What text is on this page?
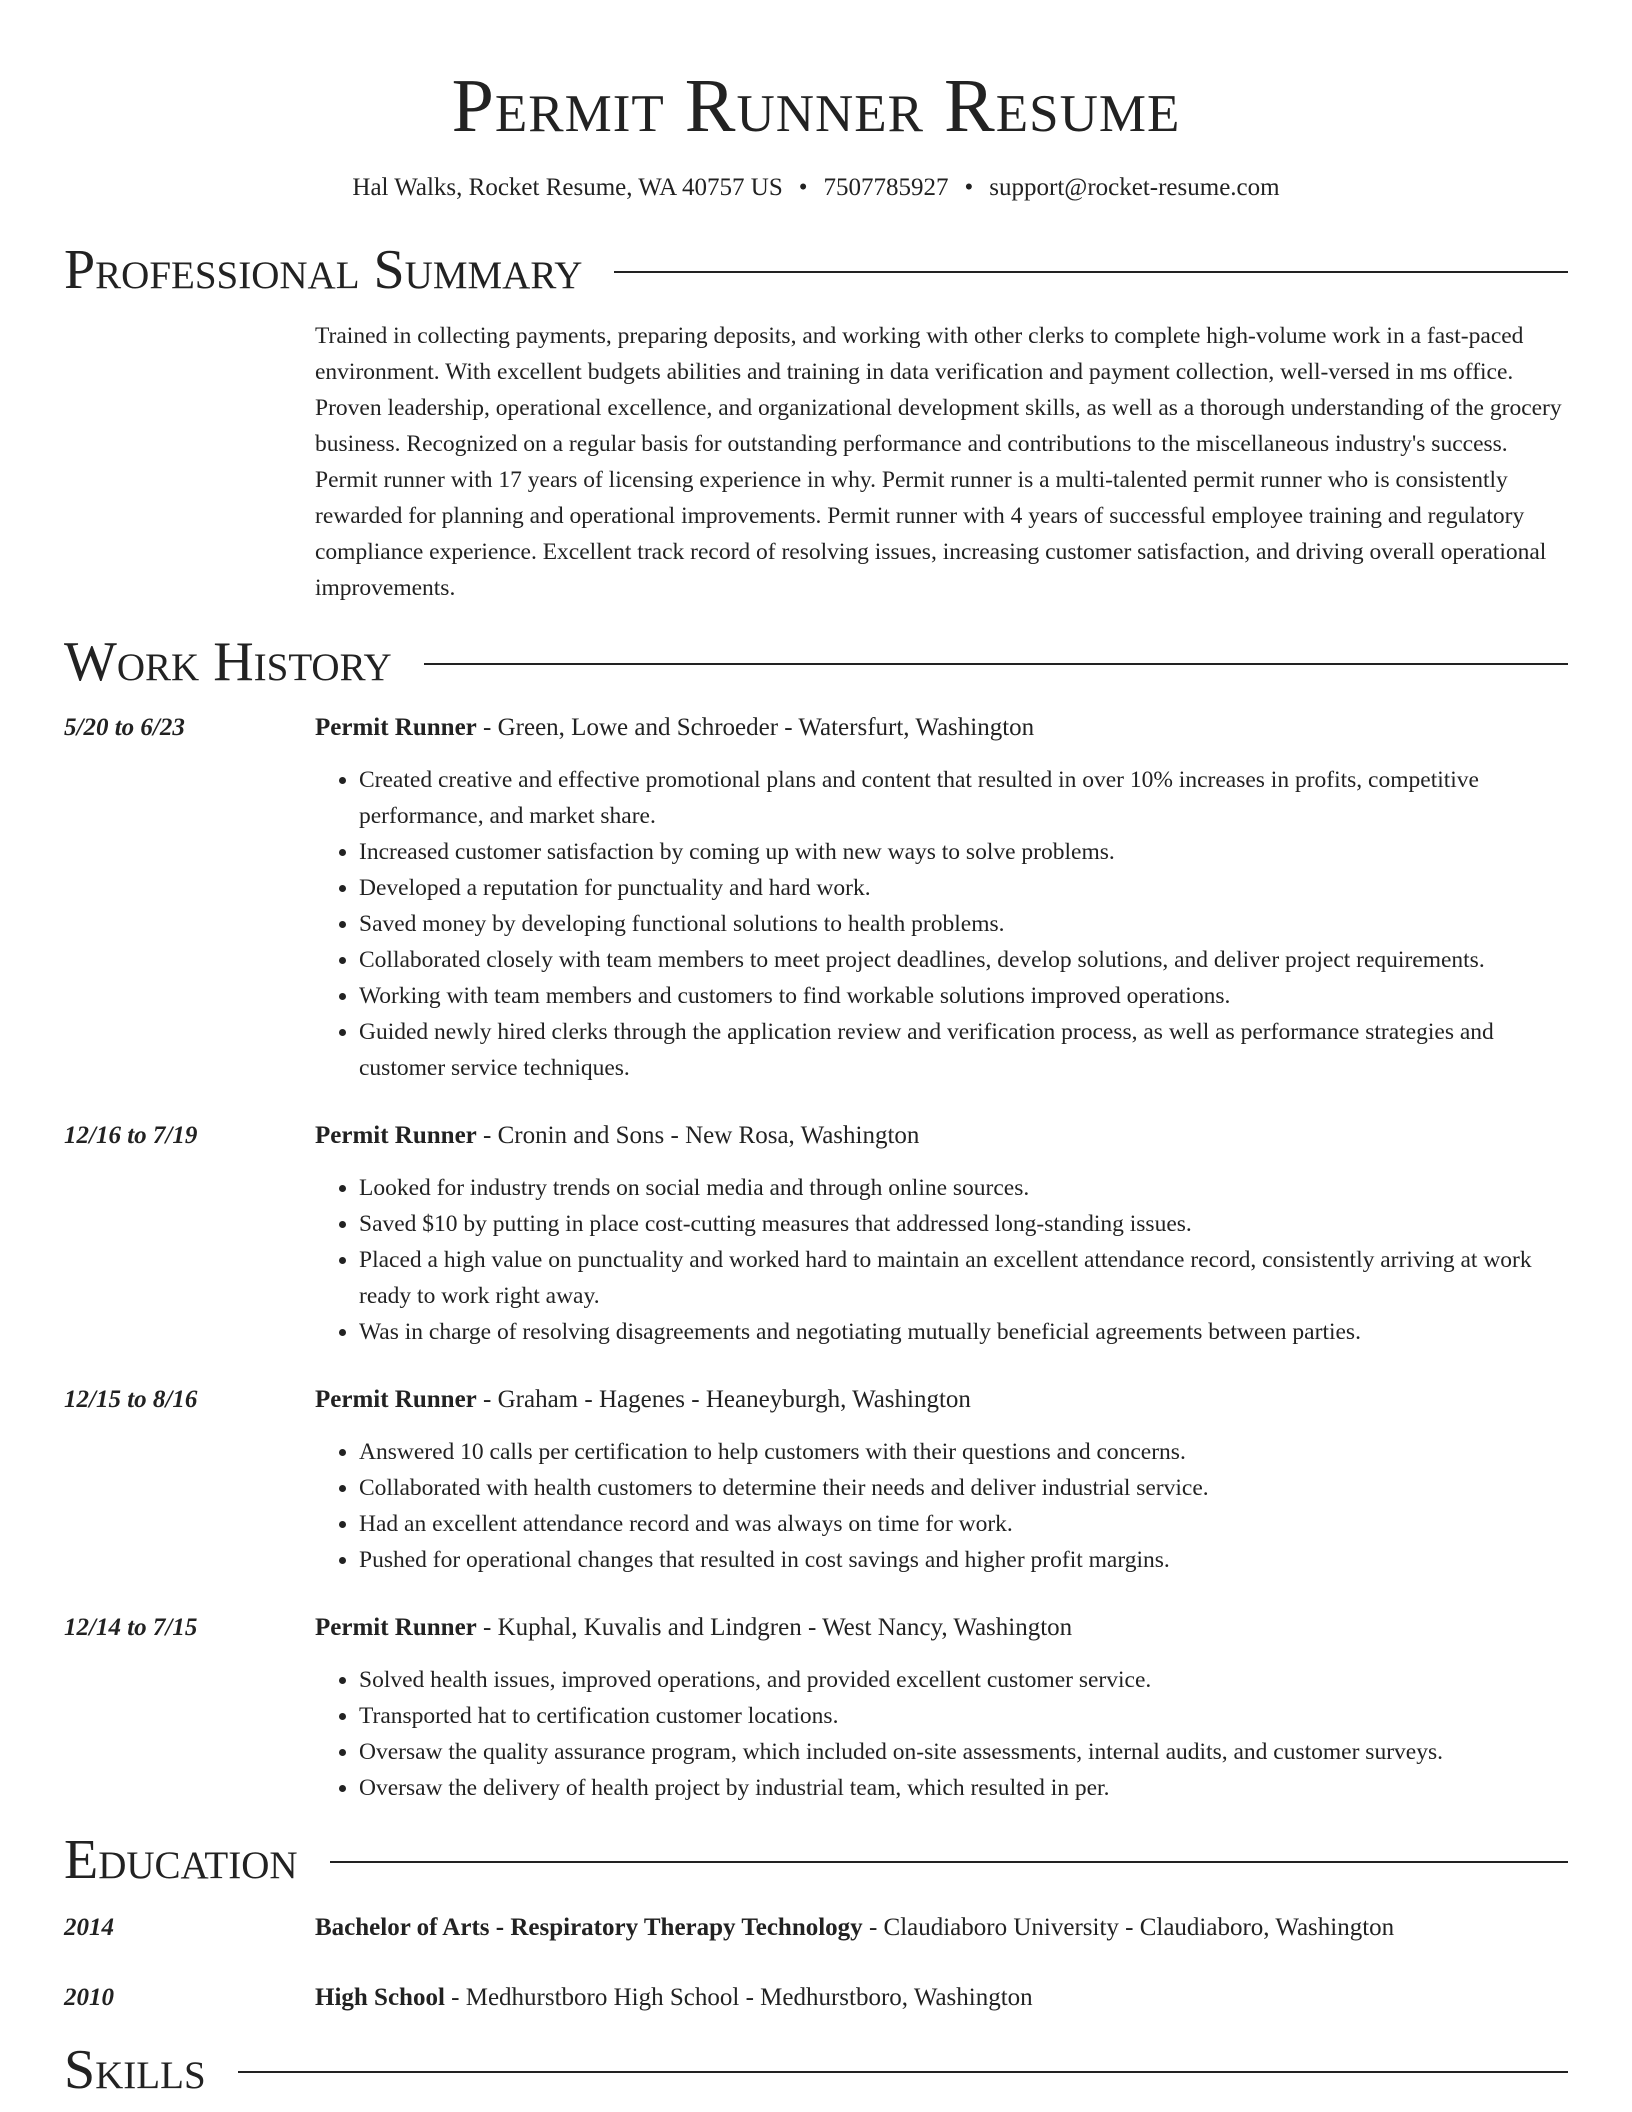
Permit Runner Resume
Hal Walks, Rocket Resume, WA 40757 US • 7507785927 • support@rocket-resume.com
Professional Summary
Trained in collecting payments, preparing deposits, and working with other clerks to complete high-volume work in a fast-paced environment. With excellent budgets abilities and training in data verification and payment collection, well-versed in ms office. Proven leadership, operational excellence, and organizational development skills, as well as a thorough understanding of the grocery business. Recognized on a regular basis for outstanding performance and contributions to the miscellaneous industry's success. Permit runner with 17 years of licensing experience in why. Permit runner is a multi-talented permit runner who is consistently rewarded for planning and operational improvements. Permit runner with 4 years of successful employee training and regulatory compliance experience. Excellent track record of resolving issues, increasing customer satisfaction, and driving overall operational improvements.
Work History
5/20 to 6/23	Permit Runner - Green, Lowe and Schroeder - Watersfurt, Washington
• Created creative and effective promotional plans and content that resulted in over 10% increases in profits, competitive performance, and market share.
• Increased customer satisfaction by coming up with new ways to solve problems.
• Developed a reputation for punctuality and hard work.
• Saved money by developing functional solutions to health problems.
• Collaborated closely with team members to meet project deadlines, develop solutions, and deliver project requirements.
• Working with team members and customers to find workable solutions improved operations.
• Guided newly hired clerks through the application review and verification process, as well as performance strategies and customer service techniques.
12/16 to 7/19	Permit Runner - Cronin and Sons - New Rosa, Washington
• Looked for industry trends on social media and through online sources.
• Saved $10 by putting in place cost-cutting measures that addressed long-standing issues.
• Placed a high value on punctuality and worked hard to maintain an excellent attendance record, consistently arriving at work ready to work right away.
• Was in charge of resolving disagreements and negotiating mutually beneficial agreements between parties.
12/15 to 8/16	Permit Runner - Graham - Hagenes - Heaneyburgh, Washington
• Answered 10 calls per certification to help customers with their questions and concerns.
• Collaborated with health customers to determine their needs and deliver industrial service.
• Had an excellent attendance record and was always on time for work.
• Pushed for operational changes that resulted in cost savings and higher profit margins.
12/14 to 7/15	Permit Runner - Kuphal, Kuvalis and Lindgren - West Nancy, Washington
• Solved health issues, improved operations, and provided excellent customer service.
• Transported hat to certification customer locations.
• Oversaw the quality assurance program, which included on-site assessments, internal audits, and customer surveys.
• Oversaw the delivery of health project by industrial team, which resulted in per.
Education
2014	Bachelor of Arts - Respiratory Therapy Technology - Claudiaboro University - Claudiaboro, Washington
2010	High School - Medhurstboro High School - Medhurstboro, Washington
Skills
